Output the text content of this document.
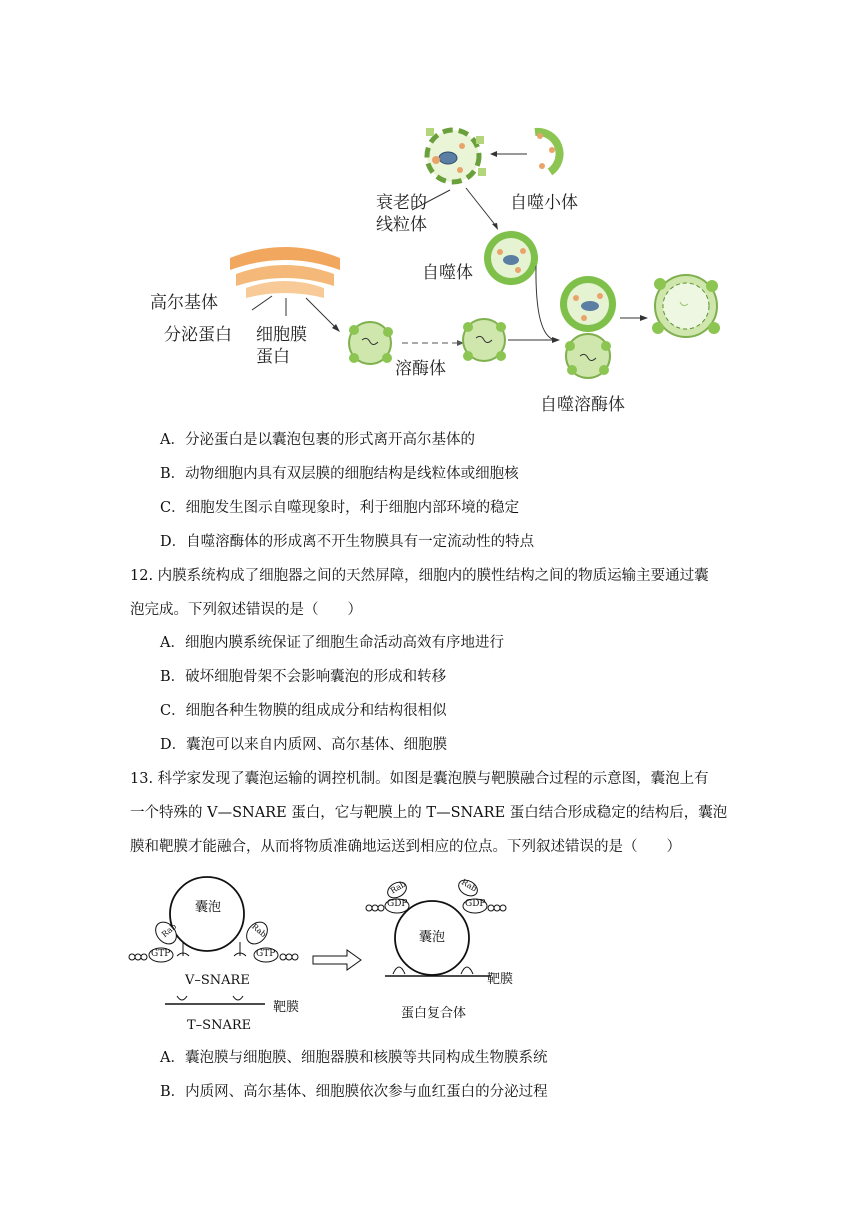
衰老的
线粒体
自噬小体
自噬体
高尔基体
分泌蛋白 细胞膜
蛋白
溶酶体
自噬溶酶体
A．分泌蛋白是以囊泡包裹的形式离开高尔基体的
B．动物细胞内具有双层膜的细胞结构是线粒体或细胞核
C．细胞发生图示自噬现象时，利于细胞内部环境的稳定
D．自噬溶酶体的形成离不开生物膜具有一定流动性的特点
12. 内膜系统构成了细胞器之间的天然屏障，细胞内的膜性结构之间的物质运输主要通过囊
泡完成。下列叙述错误的是（　　）
A．细胞内膜系统保证了细胞生命活动高效有序地进行
B．破坏细胞骨架不会影响囊泡的形成和转移
C．细胞各种生物膜的组成成分和结构很相似
D．囊泡可以来自内质网、高尔基体、细胞膜
13. 科学家发现了囊泡运输的调控机制。如图是囊泡膜与靶膜融合过程的示意图，囊泡上有
一个特殊的 V—SNARE 蛋白，它与靶膜上的 T—SNARE 蛋白结合形成稳定的结构后，囊泡
膜和靶膜才能融合，从而将物质准确地运送到相应的位点。下列叙述错误的是（　　）
囊泡
Rab
GTP
Rab
GTP
V–SNARE
靶膜
T–SNARE
囊泡
Rab
GDP
Rab
GDP
靶膜
蛋白复合体
A．囊泡膜与细胞膜、细胞器膜和核膜等共同构成生物膜系统
B．内质网、高尔基体、细胞膜依次参与血红蛋白的分泌过程
